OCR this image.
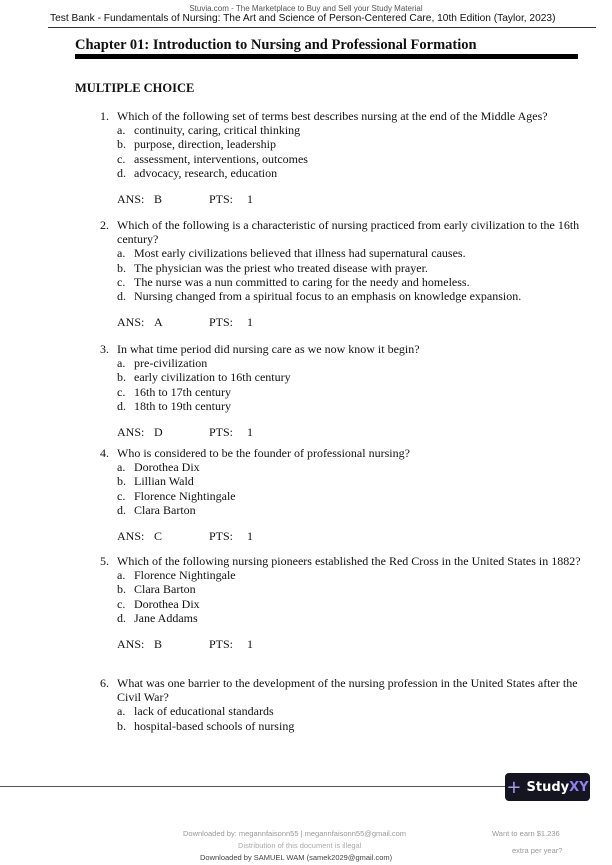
Stuvia.com - The Marketplace to Buy and Sell your Study Material
Test Bank - Fundamentals of Nursing: The Art and Science of Person-Centered Care, 10th Edition (Taylor, 2023)
Chapter 01: Introduction to Nursing and Professional Formation
MULTIPLE CHOICE
1. Which of the following set of terms best describes nursing at the end of the Middle Ages?
a. continuity, caring, critical thinking
b. purpose, direction, leadership
c. assessment, interventions, outcomes
d. advocacy, research, education
ANS: B	PTS: 1
2. Which of the following is a characteristic of nursing practiced from early civilization to the 16th century?
a. Most early civilizations believed that illness had supernatural causes.
b. The physician was the priest who treated disease with prayer.
c. The nurse was a nun committed to caring for the needy and homeless.
d. Nursing changed from a spiritual focus to an emphasis on knowledge expansion.
ANS: A	PTS: 1
3. In what time period did nursing care as we now know it begin?
a. pre-civilization
b. early civilization to 16th century
c. 16th to 17th century
d. 18th to 19th century
ANS: D	PTS: 1
4. Who is considered to be the founder of professional nursing?
a. Dorothea Dix
b. Lillian Wald
c. Florence Nightingale
d. Clara Barton
ANS: C	PTS: 1
5. Which of the following nursing pioneers established the Red Cross in the United States in 1882?
a. Florence Nightingale
b. Clara Barton
c. Dorothea Dix
d. Jane Addams
ANS: B	PTS: 1
6. What was one barrier to the development of the nursing profession in the United States after the Civil War?
a. lack of educational standards
b. hospital-based schools of nursing
+ Study XY
Downloaded by: megannfaisonn55 | megannfaisonn55@gmail.com
Distribution of this document is illegal
Downloaded by SAMUEL WAM (samek2029@gmail.com)
Want to earn $1.236
extra per year?
